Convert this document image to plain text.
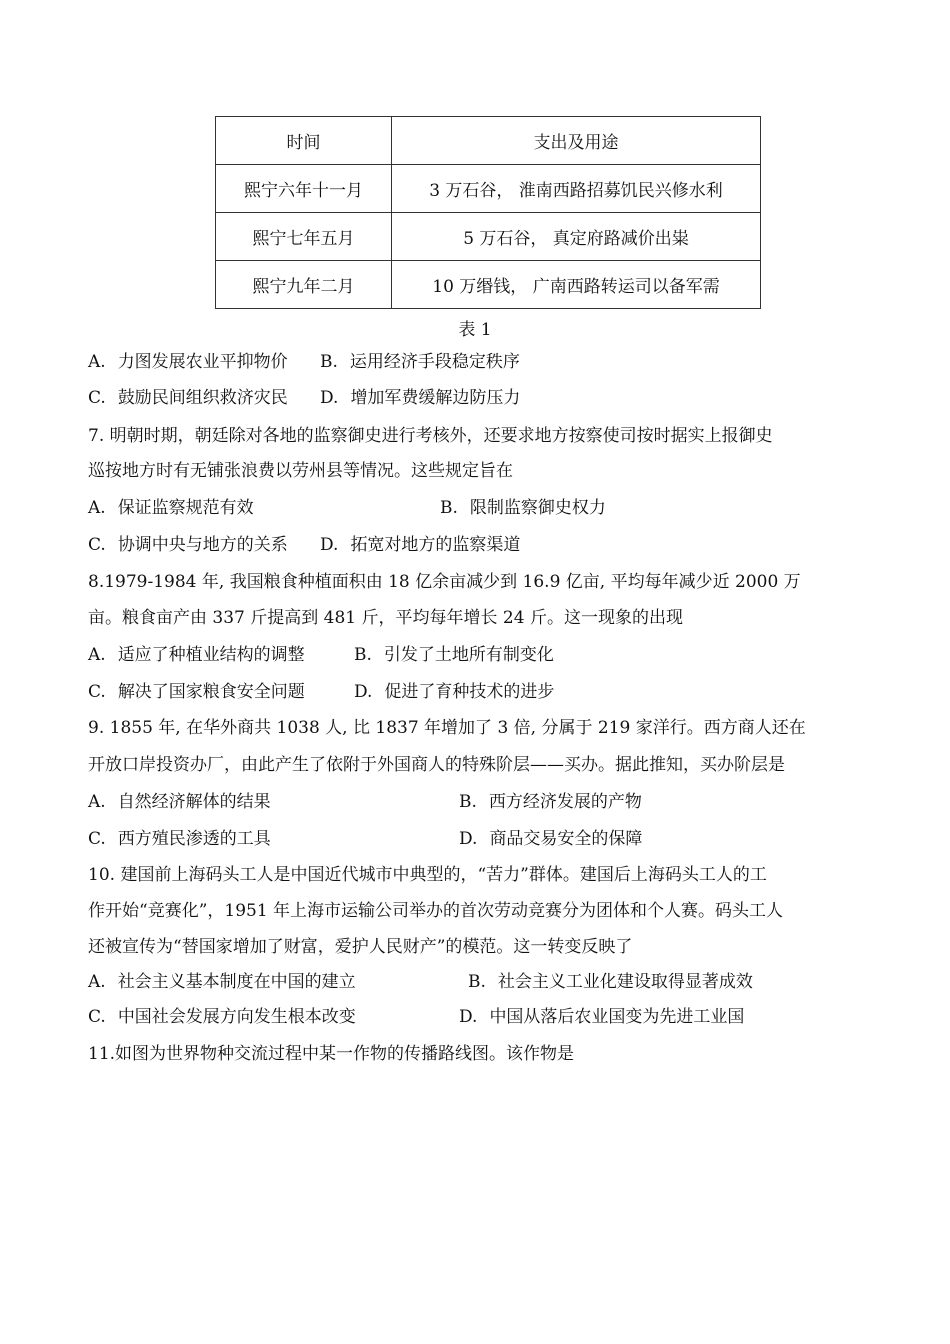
时间	支出及用途
熙宁六年十一月	3 万石谷， 淮南西路招募饥民兴修水利
熙宁七年五月	5 万石谷， 真定府路减价出粜
熙宁九年二月	10 万缗钱， 广南西路转运司以备军需
表 1
A. 力图发展农业平抑物价 B. 运用经济手段稳定秩序
C. 鼓励民间组织救济灾民 D. 增加军费缓解边防压力
7. 明朝时期，朝廷除对各地的监察御史进行考核外，还要求地方按察使司按时据实上报御史
巡按地方时有无铺张浪费以劳州县等情况。这些规定旨在
A. 保证监察规范有效	B. 限制监察御史权力
C. 协调中央与地方的关系 D. 拓宽对地方的监察渠道
8.1979-1984 年, 我国粮食种植面积由 18 亿余亩减少到 16.9 亿亩, 平均每年减少近 2000 万
亩。粮食亩产由 337 斤提高到 481 斤，平均每年增长 24 斤。这一现象的出现
A. 适应了种植业结构的调整	B. 引发了土地所有制变化
C. 解决了国家粮食安全问题	D. 促进了育种技术的进步
9. 1855 年, 在华外商共 1038 人, 比 1837 年增加了 3 倍, 分属于 219 家洋行。西方商人还在
开放口岸投资办厂，由此产生了依附于外国商人的特殊阶层——买办。据此推知，买办阶层是
A. 自然经济解体的结果	B. 西方经济发展的产物
C. 西方殖民渗透的工具	D. 商品交易安全的保障
10. 建国前上海码头工人是中国近代城市中典型的，“苦力”群体。建国后上海码头工人的工
作开始“竞赛化”，1951 年上海市运输公司举办的首次劳动竞赛分为团体和个人赛。码头工人
还被宣传为“替国家增加了财富，爱护人民财产”的模范。这一转变反映了
A. 社会主义基本制度在中国的建立	B. 社会主义工业化建设取得显著成效
C. 中国社会发展方向发生根本改变	D. 中国从落后农业国变为先进工业国
11.如图为世界物种交流过程中某一作物的传播路线图。该作物是
